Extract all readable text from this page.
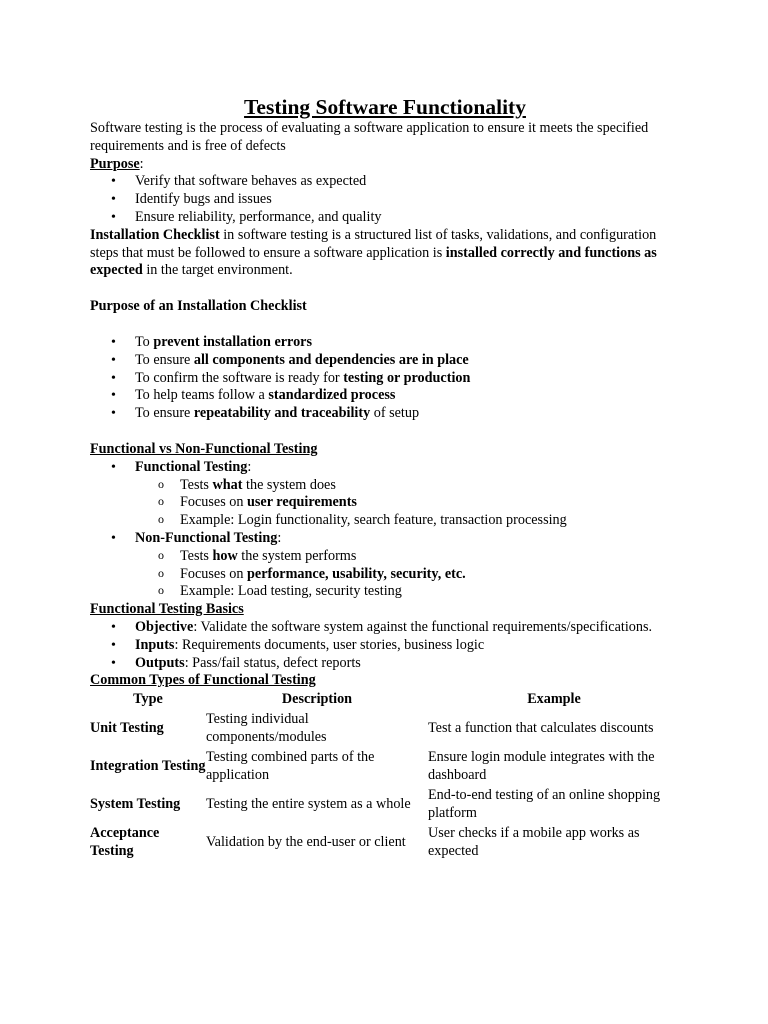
Testing Software Functionality

Software testing is the process of evaluating a software application to ensure it meets the specified requirements and is free of defects

Purpose:

• Verify that software behaves as expected
• Identify bugs and issues
• Ensure reliability, performance, and quality

Installation Checklist in software testing is a structured list of tasks, validations, and configuration steps that must be followed to ensure a software application is installed correctly and functions as expected in the target environment.

Purpose of an Installation Checklist

• To prevent installation errors
• To ensure all components and dependencies are in place
• To confirm the software is ready for testing or production
• To help teams follow a standardized process
• To ensure repeatability and traceability of setup

Functional vs Non-Functional Testing

• Functional Testing:
o Tests what the system does
o Focuses on user requirements
o Example: Login functionality, search feature, transaction processing
• Non-Functional Testing:
o Tests how the system performs
o Focuses on performance, usability, security, etc.
o Example: Load testing, security testing

Functional Testing Basics

• Objective: Validate the software system against the functional requirements/specifications.
• Inputs: Requirements documents, user stories, business logic
• Outputs: Pass/fail status, defect reports

Common Types of Functional Testing

Type	Description	Example
Unit Testing	Testing individual components/modules	Test a function that calculates discounts
Integration Testing	Testing combined parts of the application	Ensure login module integrates with the dashboard
System Testing	Testing the entire system as a whole	End-to-end testing of an online shopping platform
Acceptance Testing	Validation by the end-user or client	User checks if a mobile app works as expected
